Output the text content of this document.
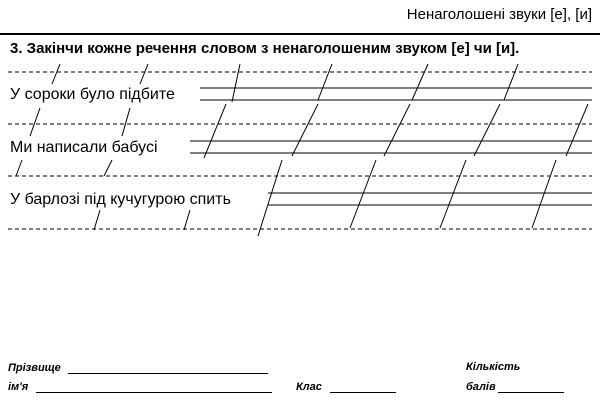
Ненаголошені звуки [е], [и]
3. Закінчи кожне речення словом з ненаголошеним звуком [е] чи [и].
У сороки було підбите
Ми написали бабусі
У барлозі під кучугурою спить
Прізвище
ім'я	Клас
Кількість
балів
